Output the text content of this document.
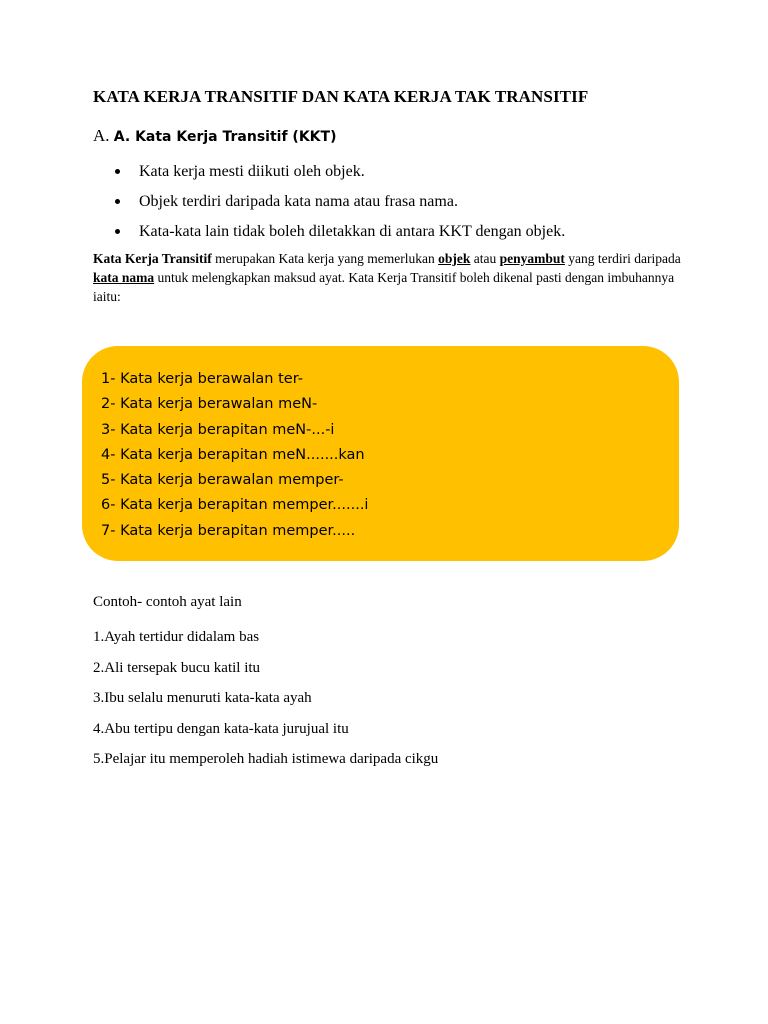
KATA KERJA TRANSITIF DAN KATA KERJA TAK TRANSITIF
A. A. Kata Kerja Transitif (KKT)
Kata kerja mesti diikuti oleh objek.
Objek terdiri daripada kata nama atau frasa nama.
Kata-kata lain tidak boleh diletakkan di antara KKT dengan objek.
Kata Kerja Transitif merupakan Kata kerja yang memerlukan objek atau penyambut yang terdiri daripada kata nama untuk melengkapkan maksud ayat. Kata Kerja Transitif boleh dikenal pasti dengan imbuhannya iaitu:
1- Kata kerja berawalan ter-
2- Kata kerja berawalan meN-
3- Kata kerja berapitan meN-...-i
4- Kata kerja berapitan meN.......kan
5- Kata kerja berawalan memper-
6- Kata kerja berapitan memper.......i
7- Kata kerja berapitan memper.....
Contoh- contoh ayat lain
1.Ayah tertidur didalam bas
2.Ali tersepak bucu katil itu
3.Ibu selalu menuruti kata-kata ayah
4.Abu tertipu dengan kata-kata jurujual itu
5.Pelajar itu memperoleh hadiah istimewa daripada cikgu
